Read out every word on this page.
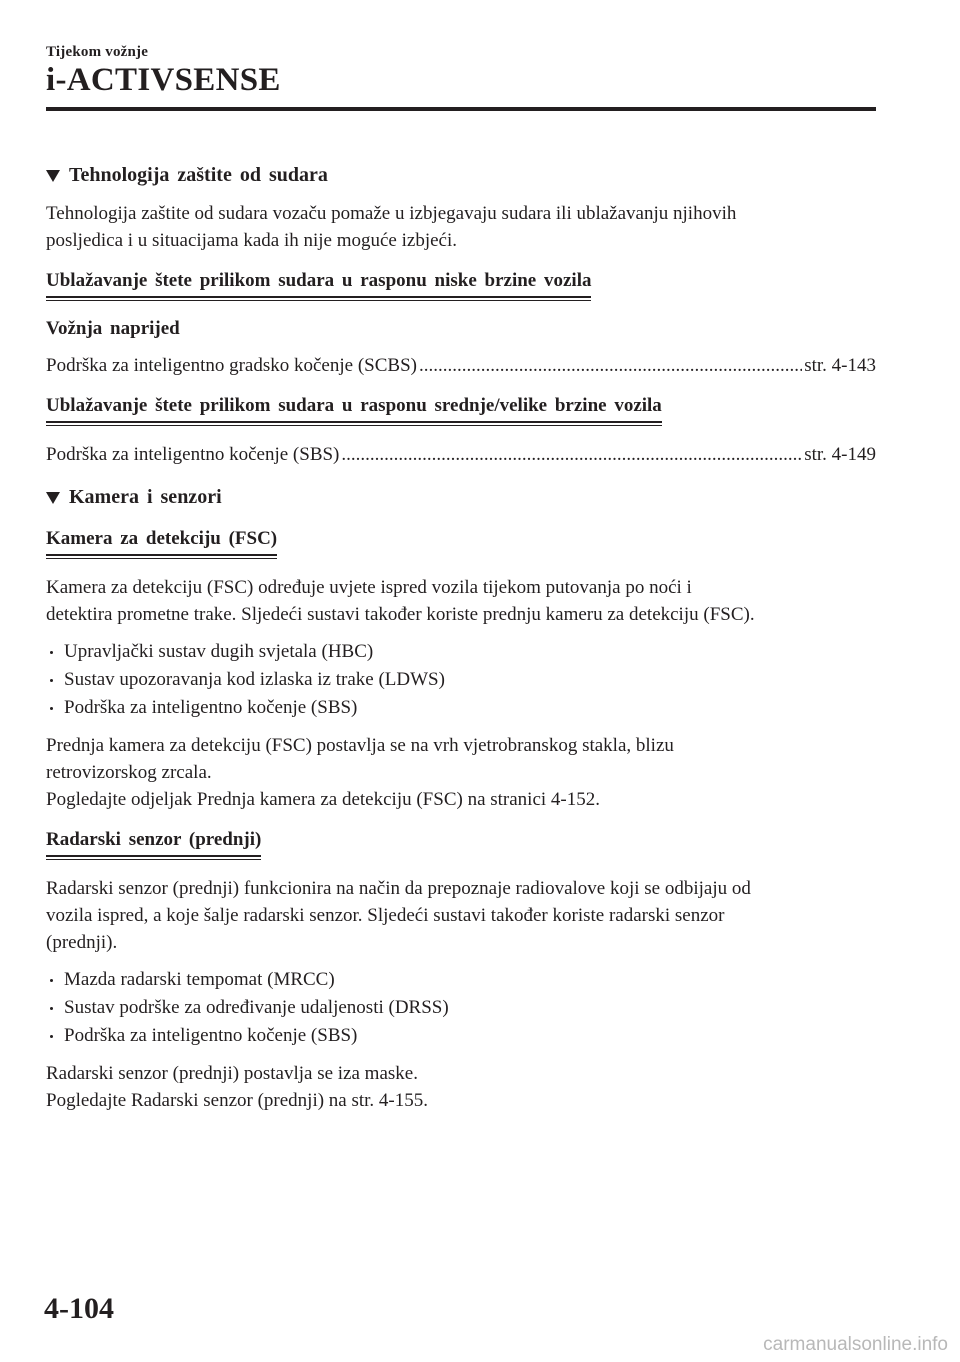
Tijekom vožnje
i-ACTIVSENSE
Tehnologija zaštite od sudara

Tehnologija zaštite od sudara vozaču pomaže u izbjegavaju sudara ili ublažavanju njihovih
posljedica i u situacijama kada ih nije moguće izbjeći.

Ublažavanje štete prilikom sudara u rasponu niske brzine vozila

Vožnja naprijed

Podrška za inteligentno gradsko kočenje (SCBS) .....	str. 4-143
Ublažavanje štete prilikom sudara u rasponu srednje/velike brzine vozila
Podrška za inteligentno kočenje (SBS) .....	str. 4-149
Kamera i senzori
Kamera za detekciju (FSC)

Kamera za detekciju (FSC) određuje uvjete ispred vozila tijekom putovanja po noći i
detektira prometne trake. Sljedeći sustavi također koriste prednju kameru za detekciju (FSC).

Upravljački sustav dugih svjetala (HBC)
Sustav upozoravanja kod izlaska iz trake (LDWS)
Podrška za inteligentno kočenje (SBS)

Prednja kamera za detekciju (FSC) postavlja se na vrh vjetrobranskog stakla, blizu
retrovizorskog zrcala.
Pogledajte odjeljak Prednja kamera za detekciju (FSC) na stranici 4-152.

Radarski senzor (prednji)

Radarski senzor (prednji) funkcionira na način da prepoznaje radiovalove koji se odbijaju od
vozila ispred, a koje šalje radarski senzor. Sljedeći sustavi također koriste radarski senzor
(prednji).

Mazda radarski tempomat (MRCC)
Sustav podrške za određivanje udaljenosti (DRSS)
Podrška za inteligentno kočenje (SBS)

Radarski senzor (prednji) postavlja se iza maske.
Pogledajte Radarski senzor (prednji) na str. 4-155.

4-104
carmanualsonline.info
